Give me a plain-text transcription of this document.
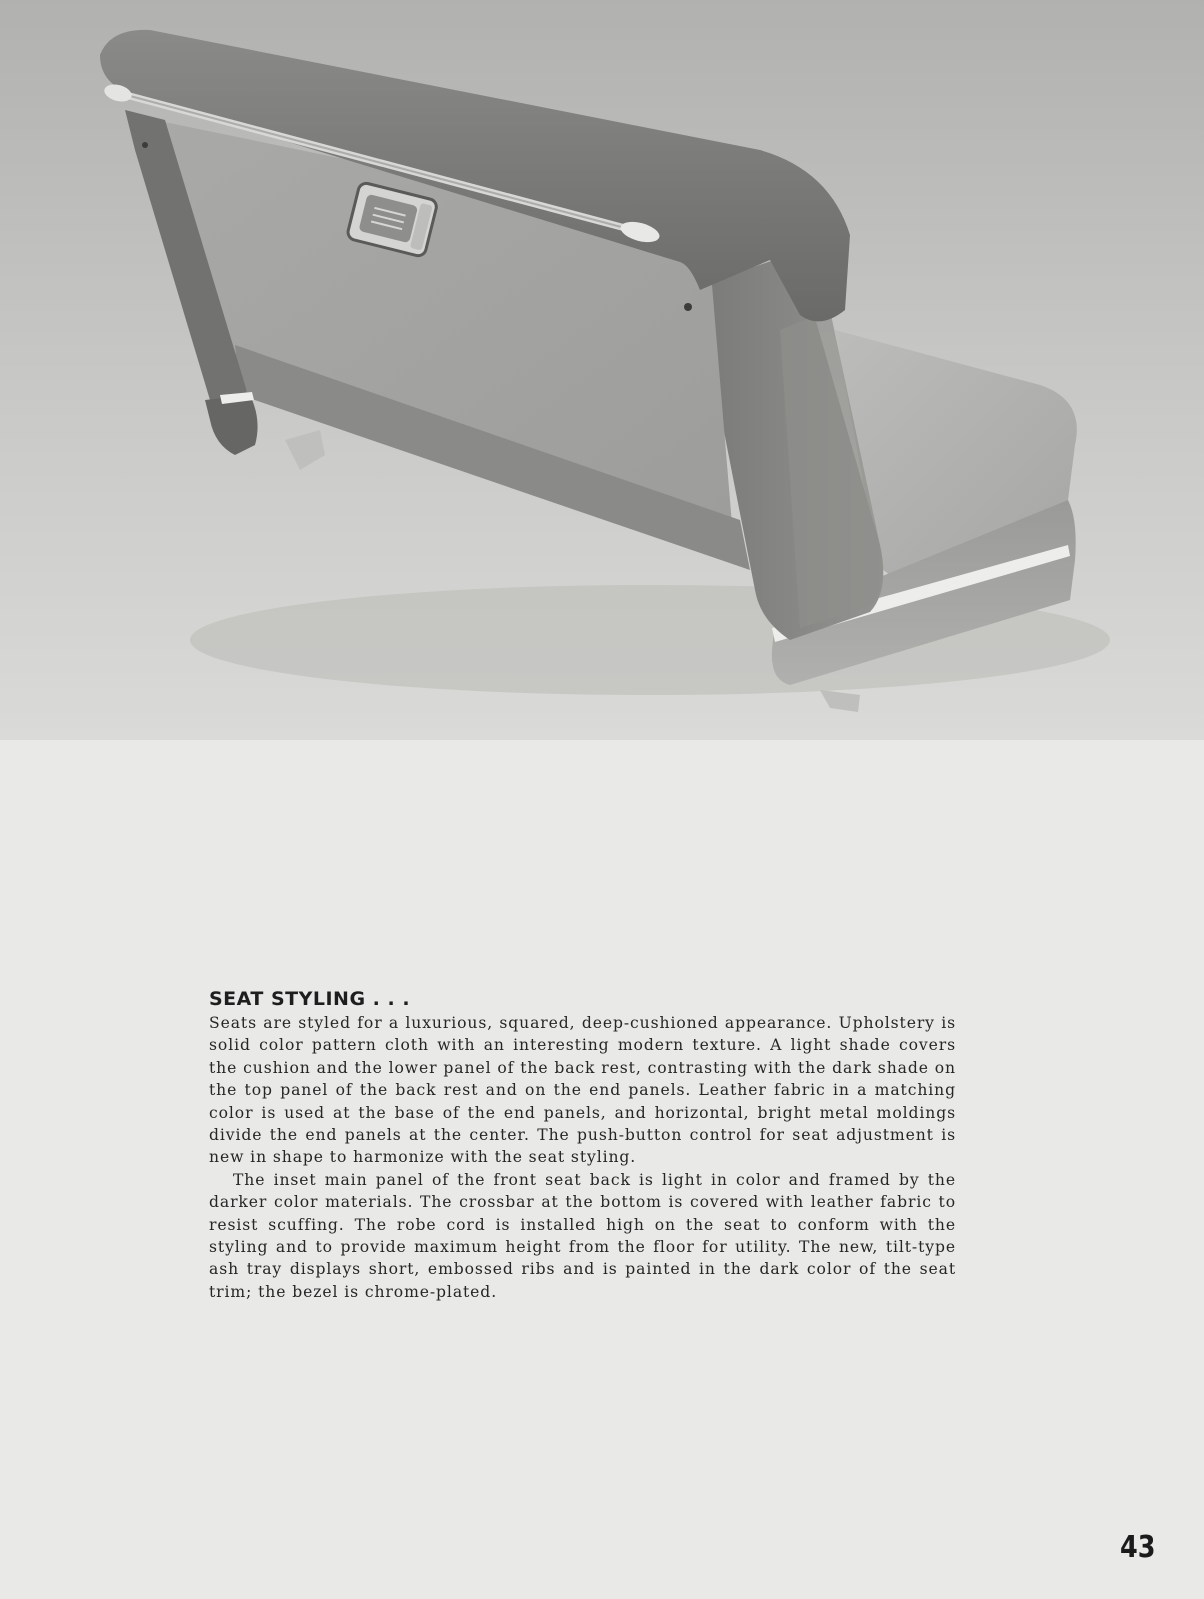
SEAT STYLING . . .

Seats are styled for a luxurious, squared, deep-cushioned appearance. Upholstery is solid color pattern cloth with an interesting modern texture. A light shade covers the cushion and the lower panel of the back rest, contrasting with the dark shade on the top panel of the back rest and on the end panels. Leather fabric in a matching color is used at the base of the end panels, and horizontal, bright metal moldings divide the end panels at the center. The push-button control for seat adjustment is new in shape to harmonize with the seat styling.

The inset main panel of the front seat back is light in color and framed by the darker color materials. The crossbar at the bottom is covered with leather fabric to resist scuffing. The robe cord is installed high on the seat to conform with the styling and to provide maximum height from the floor for utility. The new, tilt-type ash tray displays short, embossed ribs and is painted in the dark color of the seat trim; the bezel is chrome-plated.

43
